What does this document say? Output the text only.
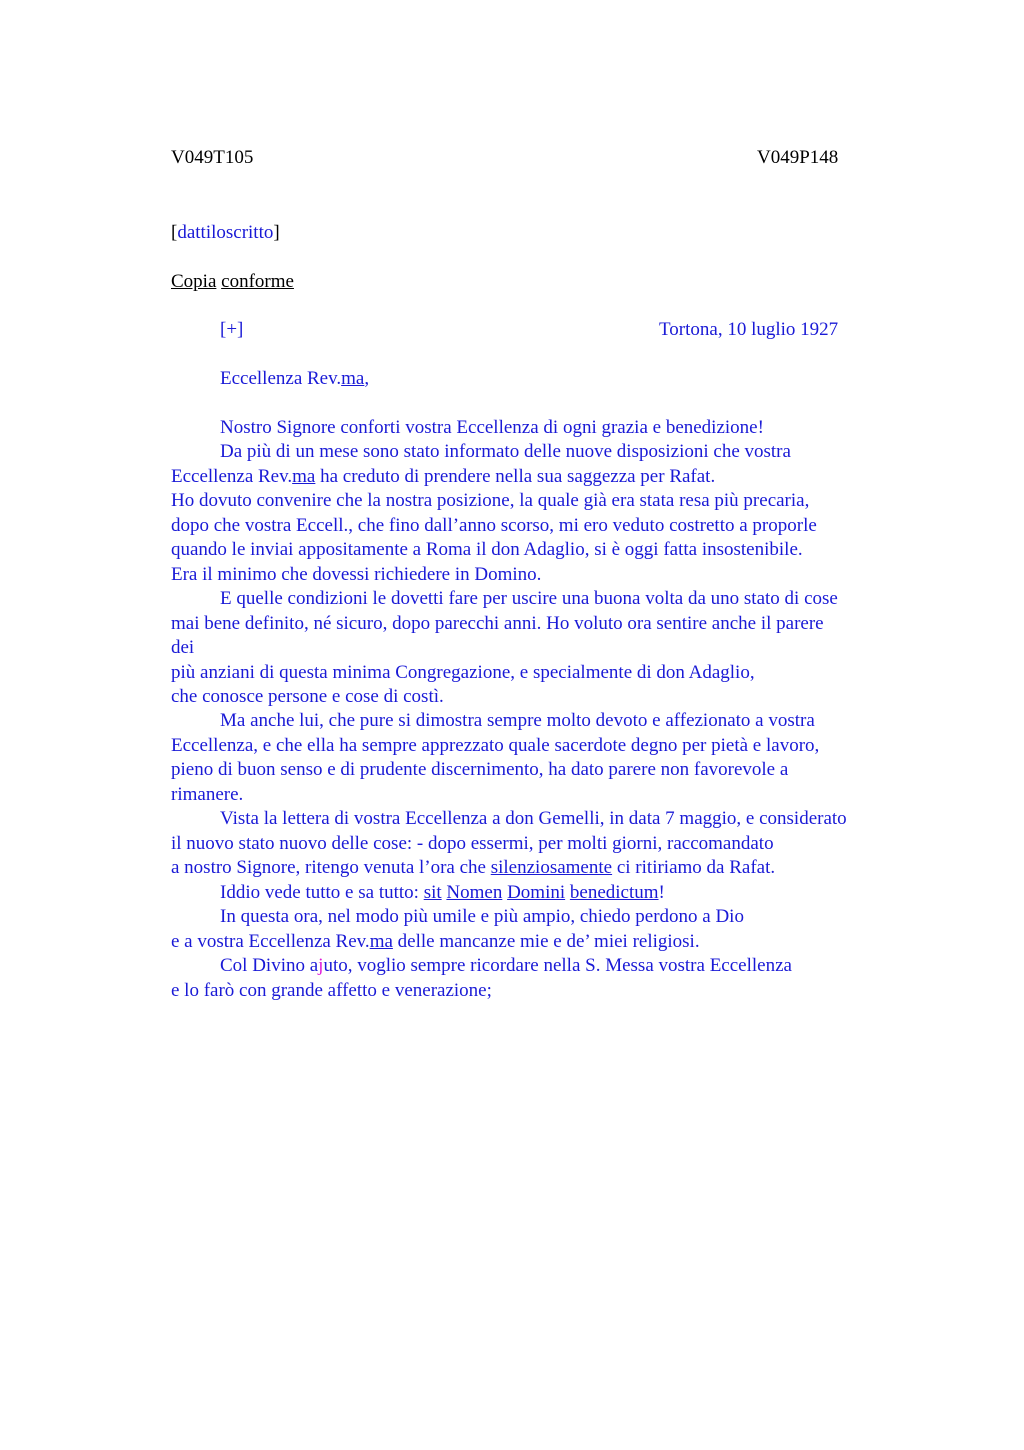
V049T105	V049P148
[dattiloscritto]
Copia conforme
[+]	Tortona, 10 luglio 1927
Eccellenza Rev.ma,
Nostro Signore conforti vostra Eccellenza di ogni grazia e benedizione!
Da più di un mese sono stato informato delle nuove disposizioni che vostra
Eccellenza Rev.ma ha creduto di prendere nella sua saggezza per Rafat.
Ho dovuto convenire che la nostra posizione, la quale già era stata resa più precaria,
dopo che vostra Eccell., che fino dall’anno scorso, mi ero veduto costretto a proporle
quando le inviai appositamente a Roma il don Adaglio, si è oggi fatta insostenibile.
Era il minimo che dovessi richiedere in Domino.
E quelle condizioni le dovetti fare per uscire una buona volta da uno stato di cose
mai bene definito, né sicuro, dopo parecchi anni. Ho voluto ora sentire anche il parere
dei
più anziani di questa minima Congregazione, e specialmente di don Adaglio,
che conosce persone e cose di costì.
Ma anche lui, che pure si dimostra sempre molto devoto e affezionato a vostra
Eccellenza, e che ella ha sempre apprezzato quale sacerdote degno per pietà e lavoro,
pieno di buon senso e di prudente discernimento, ha dato parere non favorevole a
rimanere.
Vista la lettera di vostra Eccellenza a don Gemelli, in data 7 maggio, e considerato
il nuovo stato nuovo delle cose: - dopo essermi, per molti giorni, raccomandato
a nostro Signore, ritengo venuta l’ora che silenziosamente ci ritiriamo da Rafat.
Iddio vede tutto e sa tutto: sit Nomen Domini benedictum!
In questa ora, nel modo più umile e più ampio, chiedo perdono a Dio
e a vostra Eccellenza Rev.ma delle mancanze mie e de’ miei religiosi.
Col Divino ajuto, voglio sempre ricordare nella S. Messa vostra Eccellenza
e lo farò con grande affetto e venerazione;
